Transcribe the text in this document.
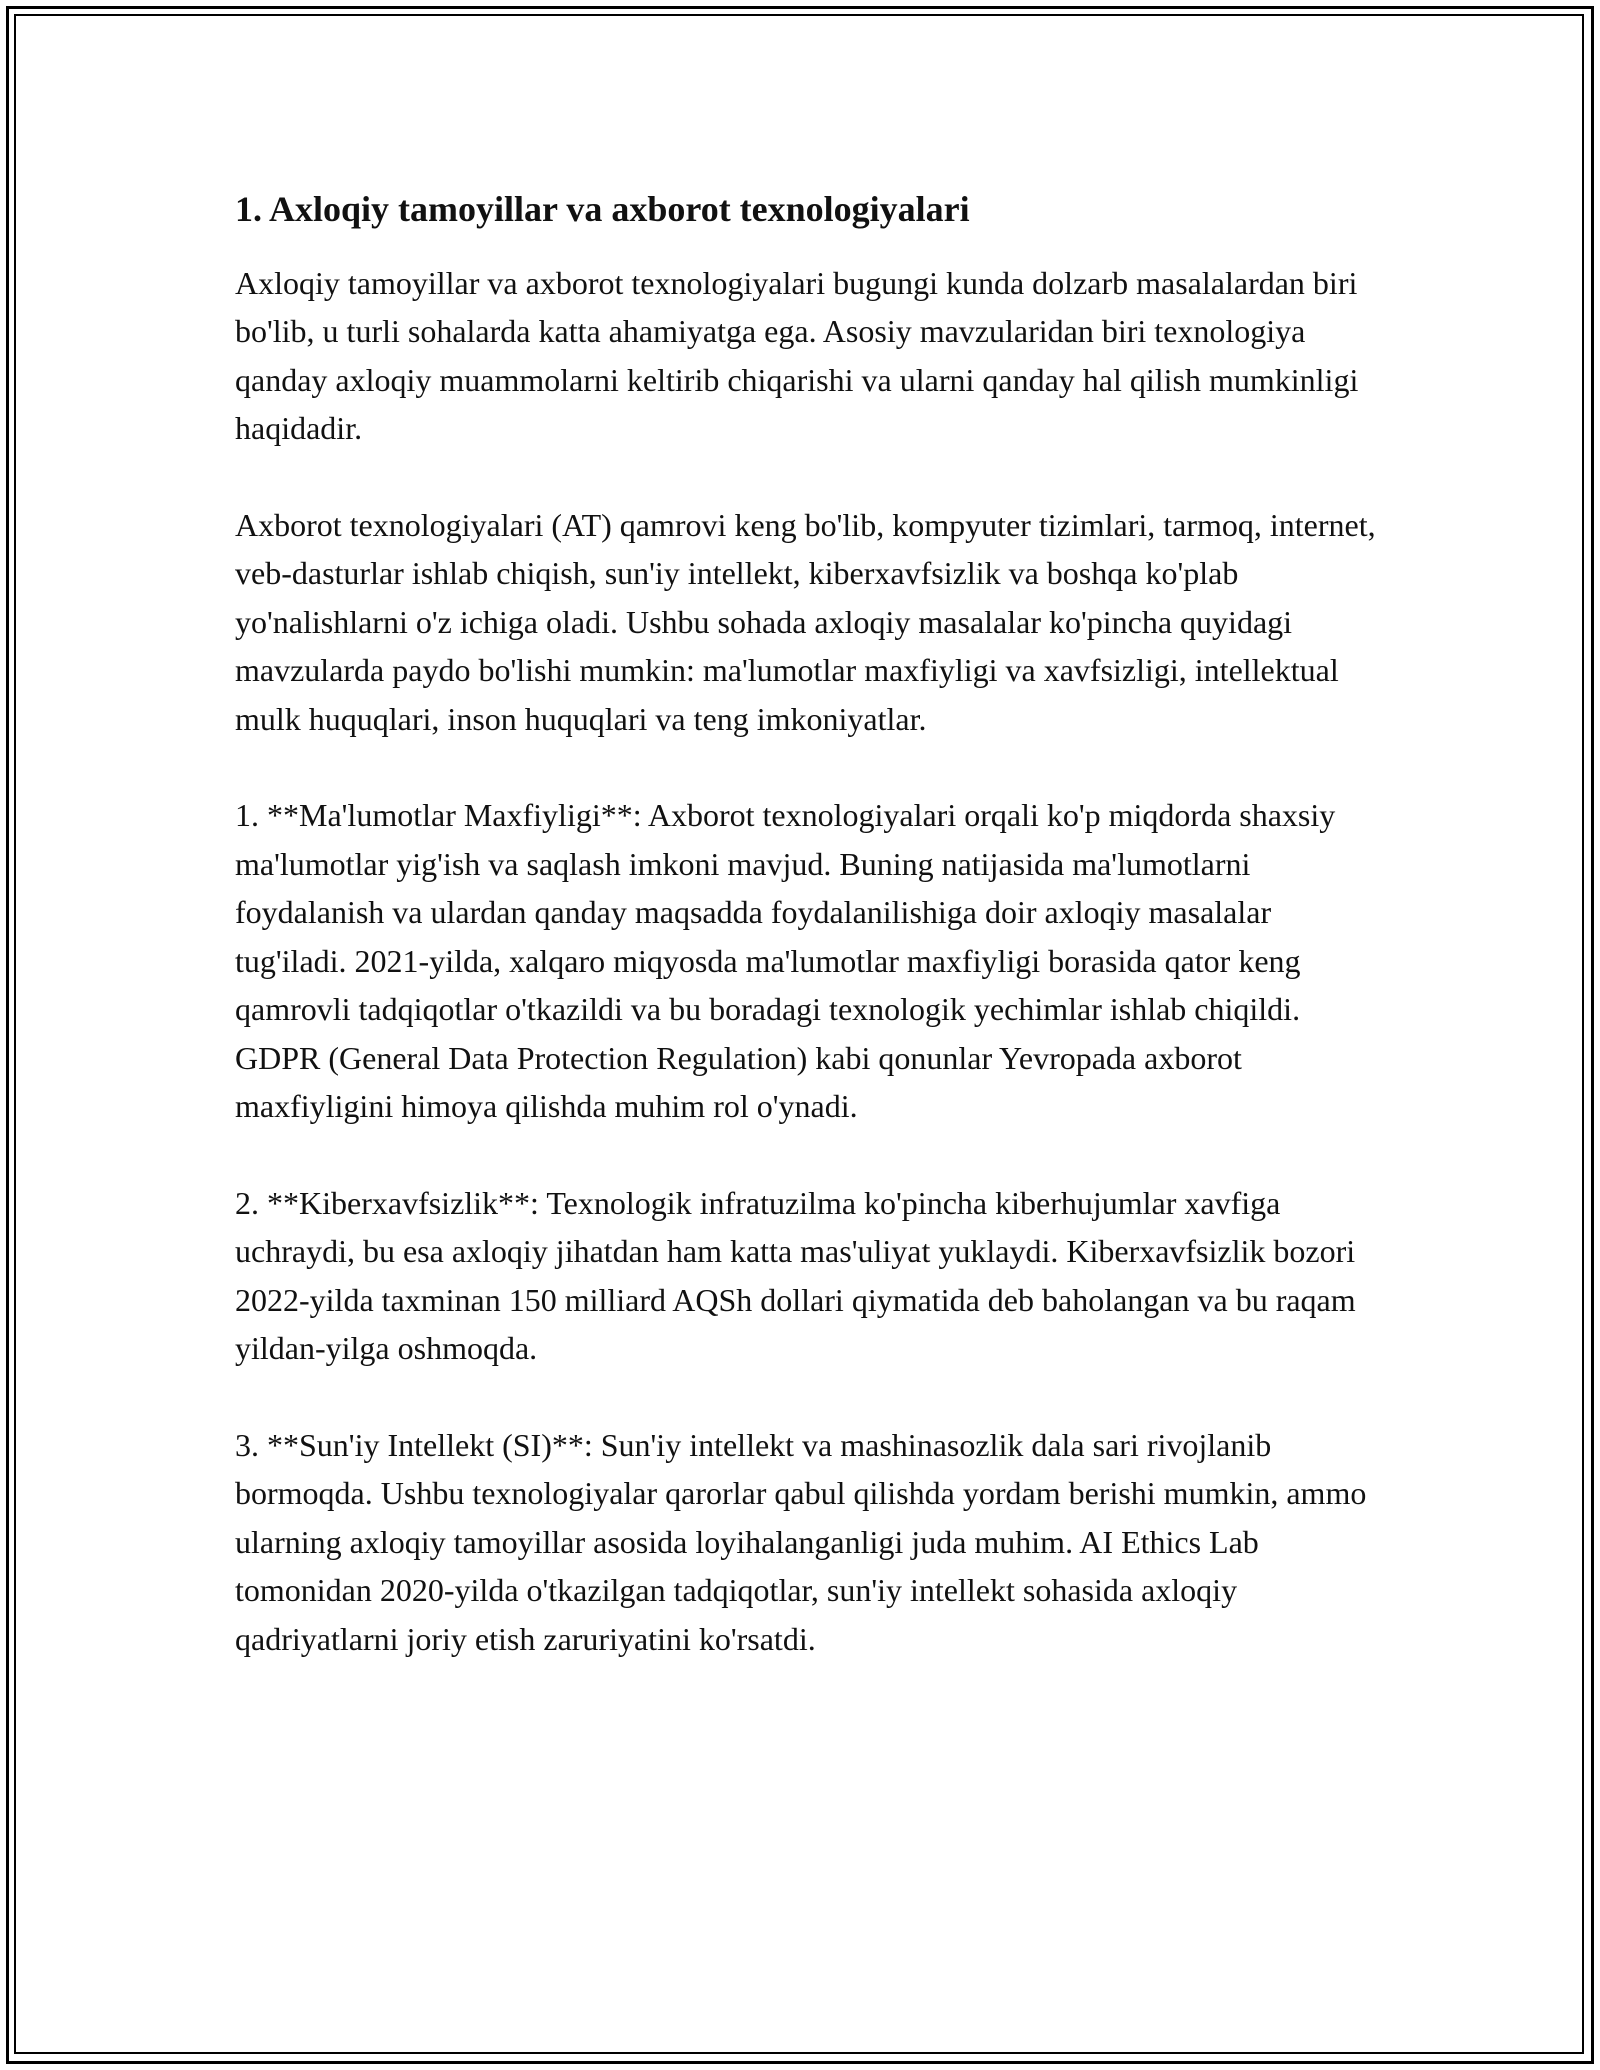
1. Axloqiy tamoyillar va axborot texnologiyalari

Axloqiy tamoyillar va axborot texnologiyalari bugungi kunda dolzarb masalalardan biri bo'lib, u turli sohalarda katta ahamiyatga ega. Asosiy mavzularidan biri texnologiya qanday axloqiy muammolarni keltirib chiqarishi va ularni qanday hal qilish mumkinligi haqidadir.

Axborot texnologiyalari (AT) qamrovi keng bo'lib, kompyuter tizimlari, tarmoq, internet, veb-dasturlar ishlab chiqish, sun'iy intellekt, kiberxavfsizlik va boshqa ko'plab yo'nalishlarni o'z ichiga oladi. Ushbu sohada axloqiy masalalar ko'pincha quyidagi mavzularda paydo bo'lishi mumkin: ma'lumotlar maxfiyligi va xavfsizligi, intellektual mulk huquqlari, inson huquqlari va teng imkoniyatlar.

1. **Ma'lumotlar Maxfiyligi**: Axborot texnologiyalari orqali ko'p miqdorda shaxsiy ma'lumotlar yig'ish va saqlash imkoni mavjud. Buning natijasida ma'lumotlarni foydalanish va ulardan qanday maqsadda foydalanilishiga doir axloqiy masalalar tug'iladi. 2021-yilda, xalqaro miqyosda ma'lumotlar maxfiyligi borasida qator keng qamrovli tadqiqotlar o'tkazildi va bu boradagi texnologik yechimlar ishlab chiqildi. GDPR (General Data Protection Regulation) kabi qonunlar Yevropada axborot maxfiyligini himoya qilishda muhim rol o'ynadi.

2. **Kiberxavfsizlik**: Texnologik infratuzilma ko'pincha kiberhujumlar xavfiga uchraydi, bu esa axloqiy jihatdan ham katta mas'uliyat yuklaydi. Kiberxavfsizlik bozori 2022-yilda taxminan 150 milliard AQSh dollari qiymatida deb baholangan va bu raqam yildan-yilga oshmoqda.

3. **Sun'iy Intellekt (SI)**: Sun'iy intellekt va mashinasozlik dala sari rivojlanib bormoqda. Ushbu texnologiyalar qarorlar qabul qilishda yordam berishi mumkin, ammo ularning axloqiy tamoyillar asosida loyihalanganligi juda muhim. AI Ethics Lab tomonidan 2020-yilda o'tkazilgan tadqiqotlar, sun'iy intellekt sohasida axloqiy qadriyatlarni joriy etish zaruriyatini ko'rsatdi.
